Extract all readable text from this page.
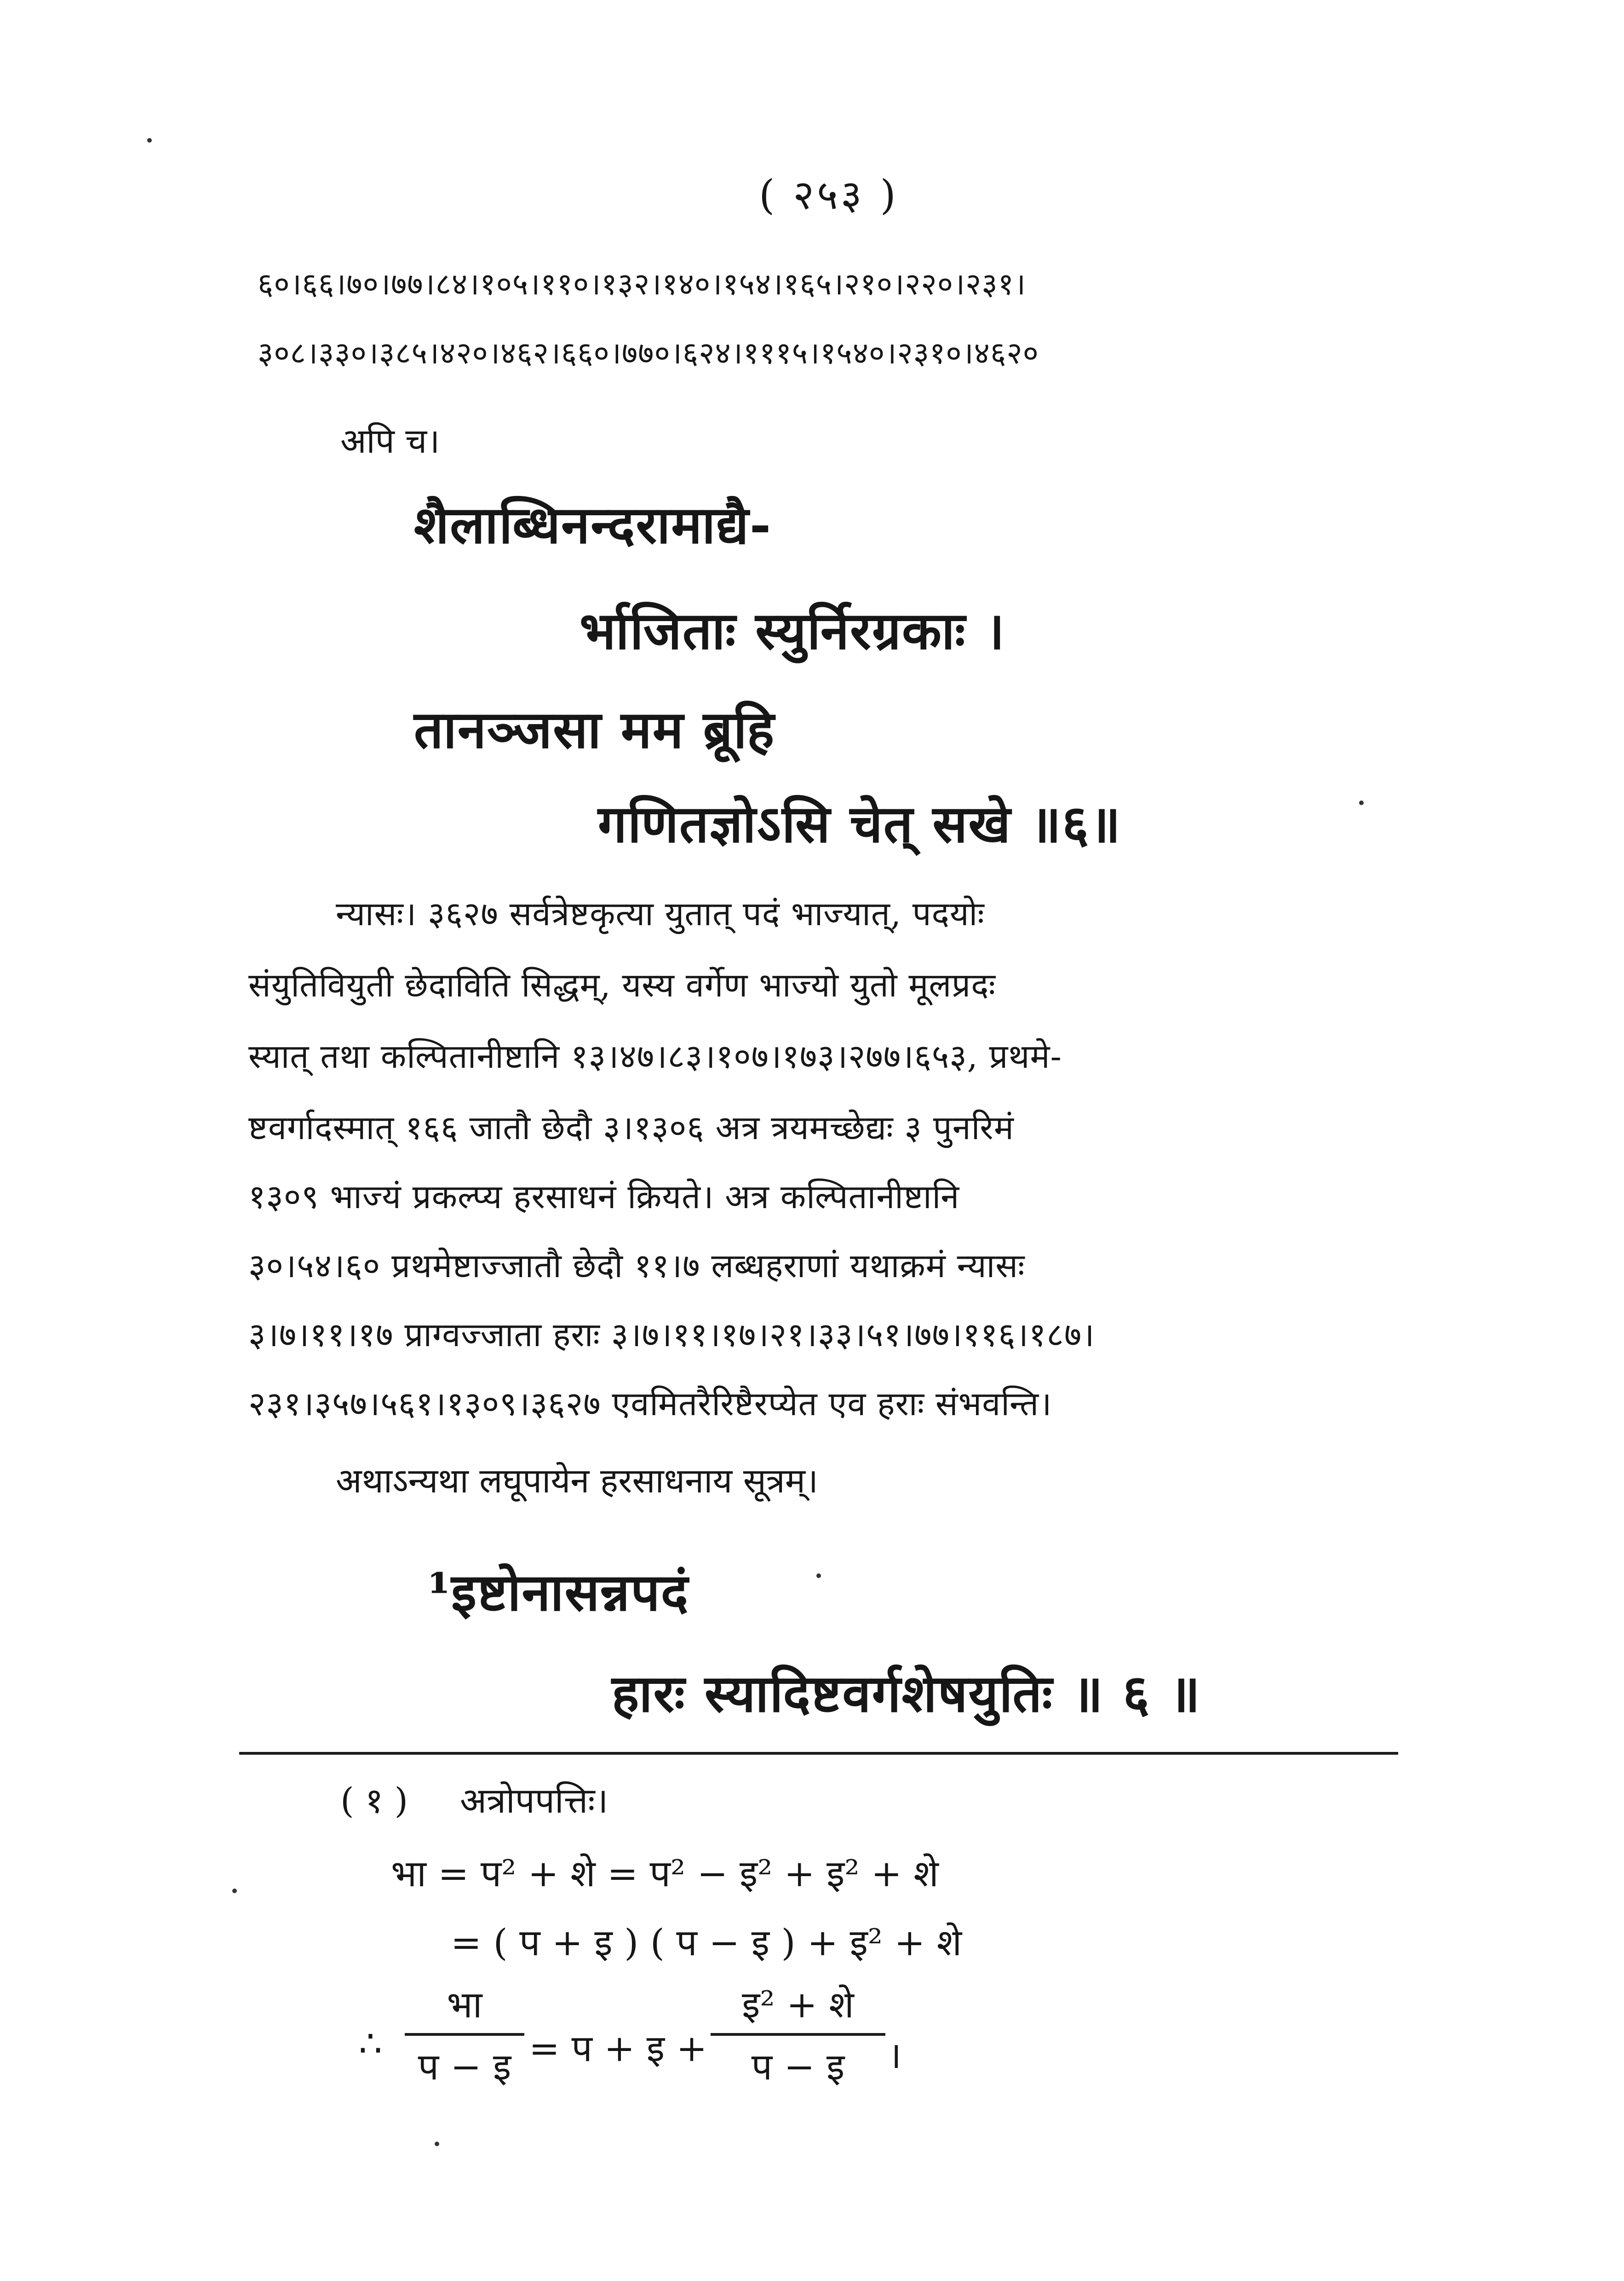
( २५३ )
६०।६६।७०।७७।८४।१०५।११०।१३२।१४०।१५४।१६५।२१०।२२०।२३१।
३०८।३३०।३८५।४२०।४६२।६६०।७७०।६२४।१११५।१५४०।२३१०।४६२०
अपि च।
शैलाब्धिनन्दरामाद्यै-
र्भाजिताः स्युर्निरग्रकाः ।
तानञ्जसा मम ब्रूहि
गणितज्ञोऽसि चेत् सखे ॥६॥
न्यासः। ३६२७ सर्वत्रेष्टकृत्या युतात् पदं भाज्यात्, पदयोः
संयुतिवियुती छेदाविति सिद्धम्, यस्य वर्गेण भाज्यो युतो मूलप्रदः
स्यात् तथा कल्पितानीष्टानि १३।४७।८३।१०७।१७३।२७७।६५३, प्रथमे-
ष्टवर्गादस्मात् १६६ जातौ छेदौ ३।१३०६ अत्र त्रयमच्छेद्यः ३ पुनरिमं
१३०९ भाज्यं प्रकल्प्य हरसाधनं क्रियते। अत्र कल्पितानीष्टानि
३०।५४।६० प्रथमेष्टाज्जातौ छेदौ ११।७ लब्धहराणां यथाक्रमं न्यासः
३।७।११।१७ प्राग्वज्जाता हराः ३।७।११।१७।२१।३३।५१।७७।११६।१८७।
२३१।३५७।५६१।१३०९।३६२७ एवमितरैरिष्टैरप्येत एव हराः संभवन्ति।
अथाऽन्यथा लघूपायेन हरसाधनाय सूत्रम्।
¹इष्टोनासन्नपदं
हारः स्यादिष्टवर्गशेषयुतिः ॥ ६ ॥
( १ ) अत्रोपपत्तिः।
भा = प² + शे = प² − इ² + इ² + शे
= ( प + इ ) ( प − इ ) + इ² + शे
∴
भा
प − इ = प + इ +
इ² + शे
प − इ	।
